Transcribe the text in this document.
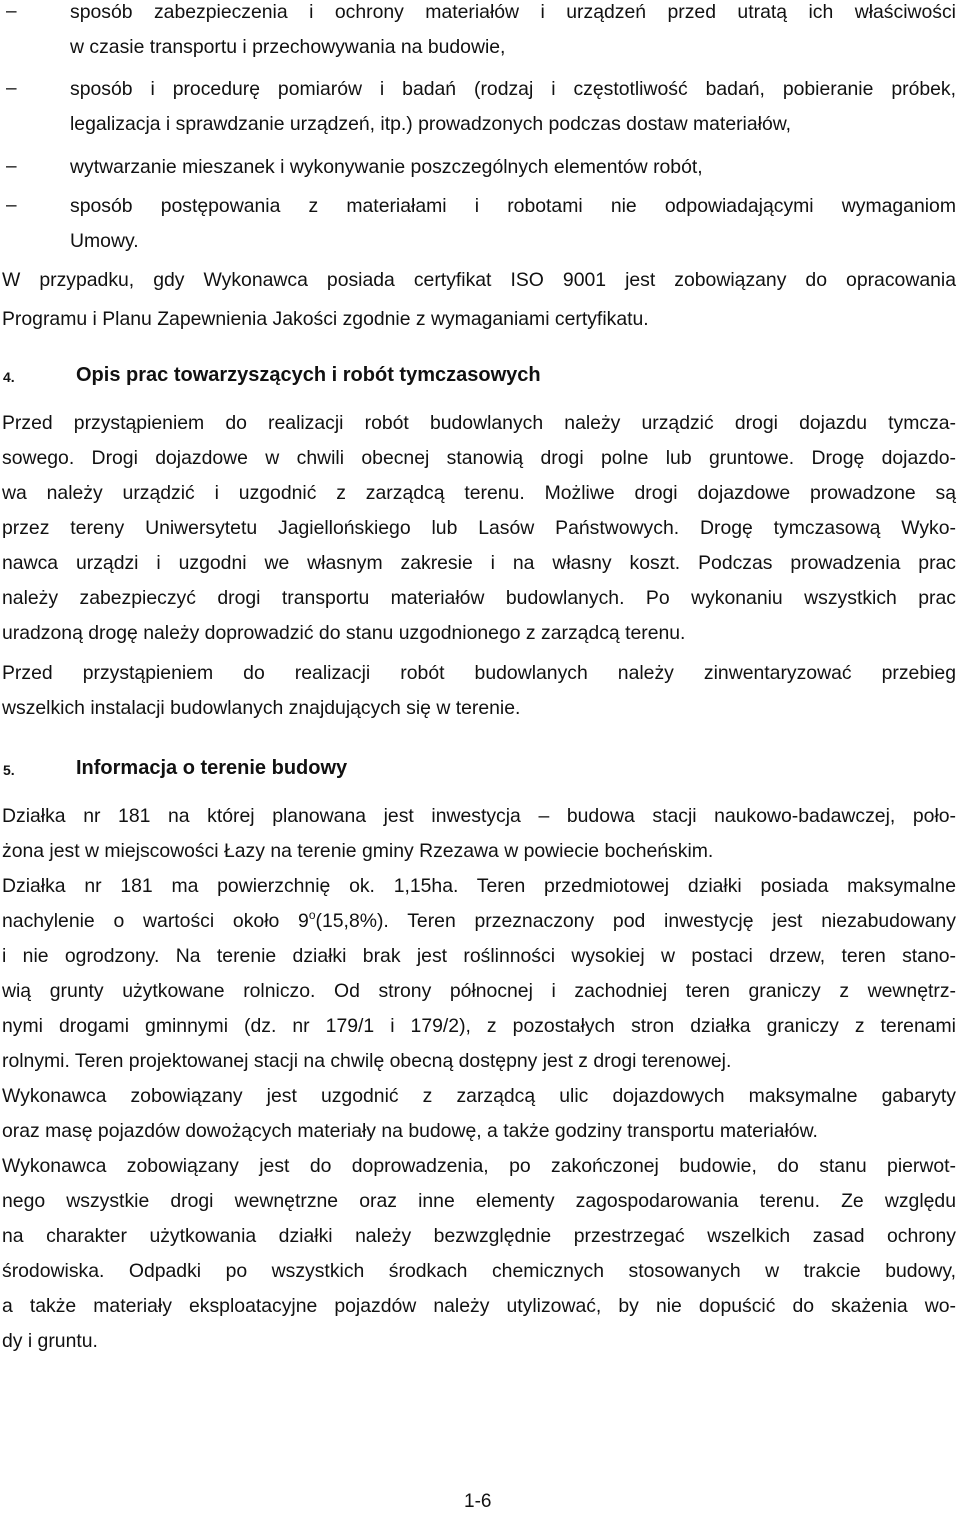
–	sposób zabezpieczenia i ochrony materiałów i urządzeń przed utratą ich właściwości
w czasie transportu i przechowywania na budowie,
–	sposób i procedurę pomiarów i badań (rodzaj i częstotliwość badań, pobieranie próbek,
legalizacja i sprawdzanie urządzeń, itp.) prowadzonych podczas dostaw materiałów,
–	wytwarzanie mieszanek i wykonywanie poszczególnych elementów robót,
–	sposób postępowania z materiałami i robotami nie odpowiadającymi wymaganiom
Umowy.
W przypadku, gdy Wykonawca posiada certyfikat ISO 9001 jest zobowiązany do opracowania
Programu i Planu Zapewnienia Jakości zgodnie z wymaganiami certyfikatu.
4.	Opis prac towarzyszących i robót tymczasowych
Przed przystąpieniem do realizacji robót budowlanych należy urządzić drogi dojazdu tymcza-
sowego. Drogi dojazdowe w chwili obecnej stanowią drogi polne lub gruntowe. Drogę dojazdo-
wa należy urządzić i uzgodnić z zarządcą terenu. Możliwe drogi dojazdowe prowadzone są
przez tereny Uniwersytetu Jagiellońskiego lub Lasów Państwowych. Drogę tymczasową Wyko-
nawca urządzi i uzgodni we własnym zakresie i na własny koszt. Podczas prowadzenia prac
należy zabezpieczyć drogi transportu materiałów budowlanych. Po wykonaniu wszystkich prac
uradzoną drogę należy doprowadzić do stanu uzgodnionego z zarządcą terenu.
Przed przystąpieniem do realizacji robót budowlanych należy zinwentaryzować przebieg
wszelkich instalacji budowlanych znajdujących się w terenie.
5.	Informacja o terenie budowy
Działka nr 181 na której planowana jest inwestycja – budowa stacji naukowo-badawczej, poło-
żona jest w miejscowości Łazy na terenie gminy Rzezawa w powiecie bocheńskim.
Działka nr 181 ma powierzchnię ok. 1,15ha. Teren przedmiotowej działki posiada maksymalne
nachylenie o wartości około 9$^o$(15,8%). Teren przeznaczony pod inwestycję jest niezabudowany
i nie ogrodzony. Na terenie działki brak jest roślinności wysokiej w postaci drzew, teren stano-
wią grunty użytkowane rolniczo. Od strony północnej i zachodniej teren graniczy z wewnętrz-
nymi drogami gminnymi (dz. nr 179/1 i 179/2), z pozostałych stron działka graniczy z terenami
rolnymi. Teren projektowanej stacji na chwilę obecną dostępny jest z drogi terenowej.
Wykonawca zobowiązany jest uzgodnić z zarządcą ulic dojazdowych maksymalne gabaryty
oraz masę pojazdów dowożących materiały na budowę, a także godziny transportu materiałów.
Wykonawca zobowiązany jest do doprowadzenia, po zakończonej budowie, do stanu pierwot-
nego wszystkie drogi wewnętrzne oraz inne elementy zagospodarowania terenu. Ze względu
na charakter użytkowania działki należy bezwzględnie przestrzegać wszelkich zasad ochrony
środowiska. Odpadki po wszystkich środkach chemicznych stosowanych w trakcie budowy,
a także materiały eksploatacyjne pojazdów należy utylizować, by nie dopuścić do skażenia wo-
dy i gruntu.
1-6
